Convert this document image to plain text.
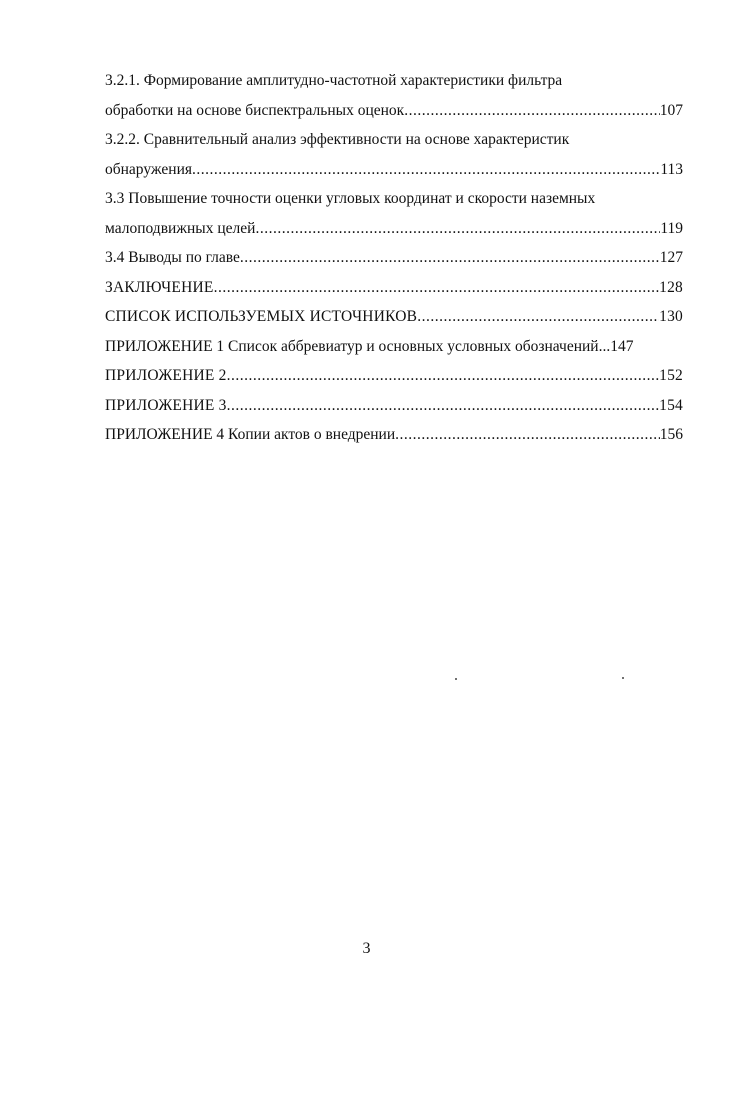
3.2.1. Формирование амплитудно-частотной характеристики фильтра
обработки на основе биспектральных оценок .....	107
3.2.2. Сравнительный анализ эффективности на основе характеристик
обнаружения .....	113
3.3 Повышение точности оценки угловых координат и скорости наземных
малоподвижных целей .....	119
3.4 Выводы по главе .....	127
ЗАКЛЮЧЕНИЕ .....	128
СПИСОК ИСПОЛЬЗУЕМЫХ ИСТОЧНИКОВ .....	130
ПРИЛОЖЕНИЕ 1 Список аббревиатур и основных условных обозначений ...147
ПРИЛОЖЕНИЕ 2 .....	152
ПРИЛОЖЕНИЕ 3 .....	154
ПРИЛОЖЕНИЕ 4 Копии актов о внедрении .....	156
3
